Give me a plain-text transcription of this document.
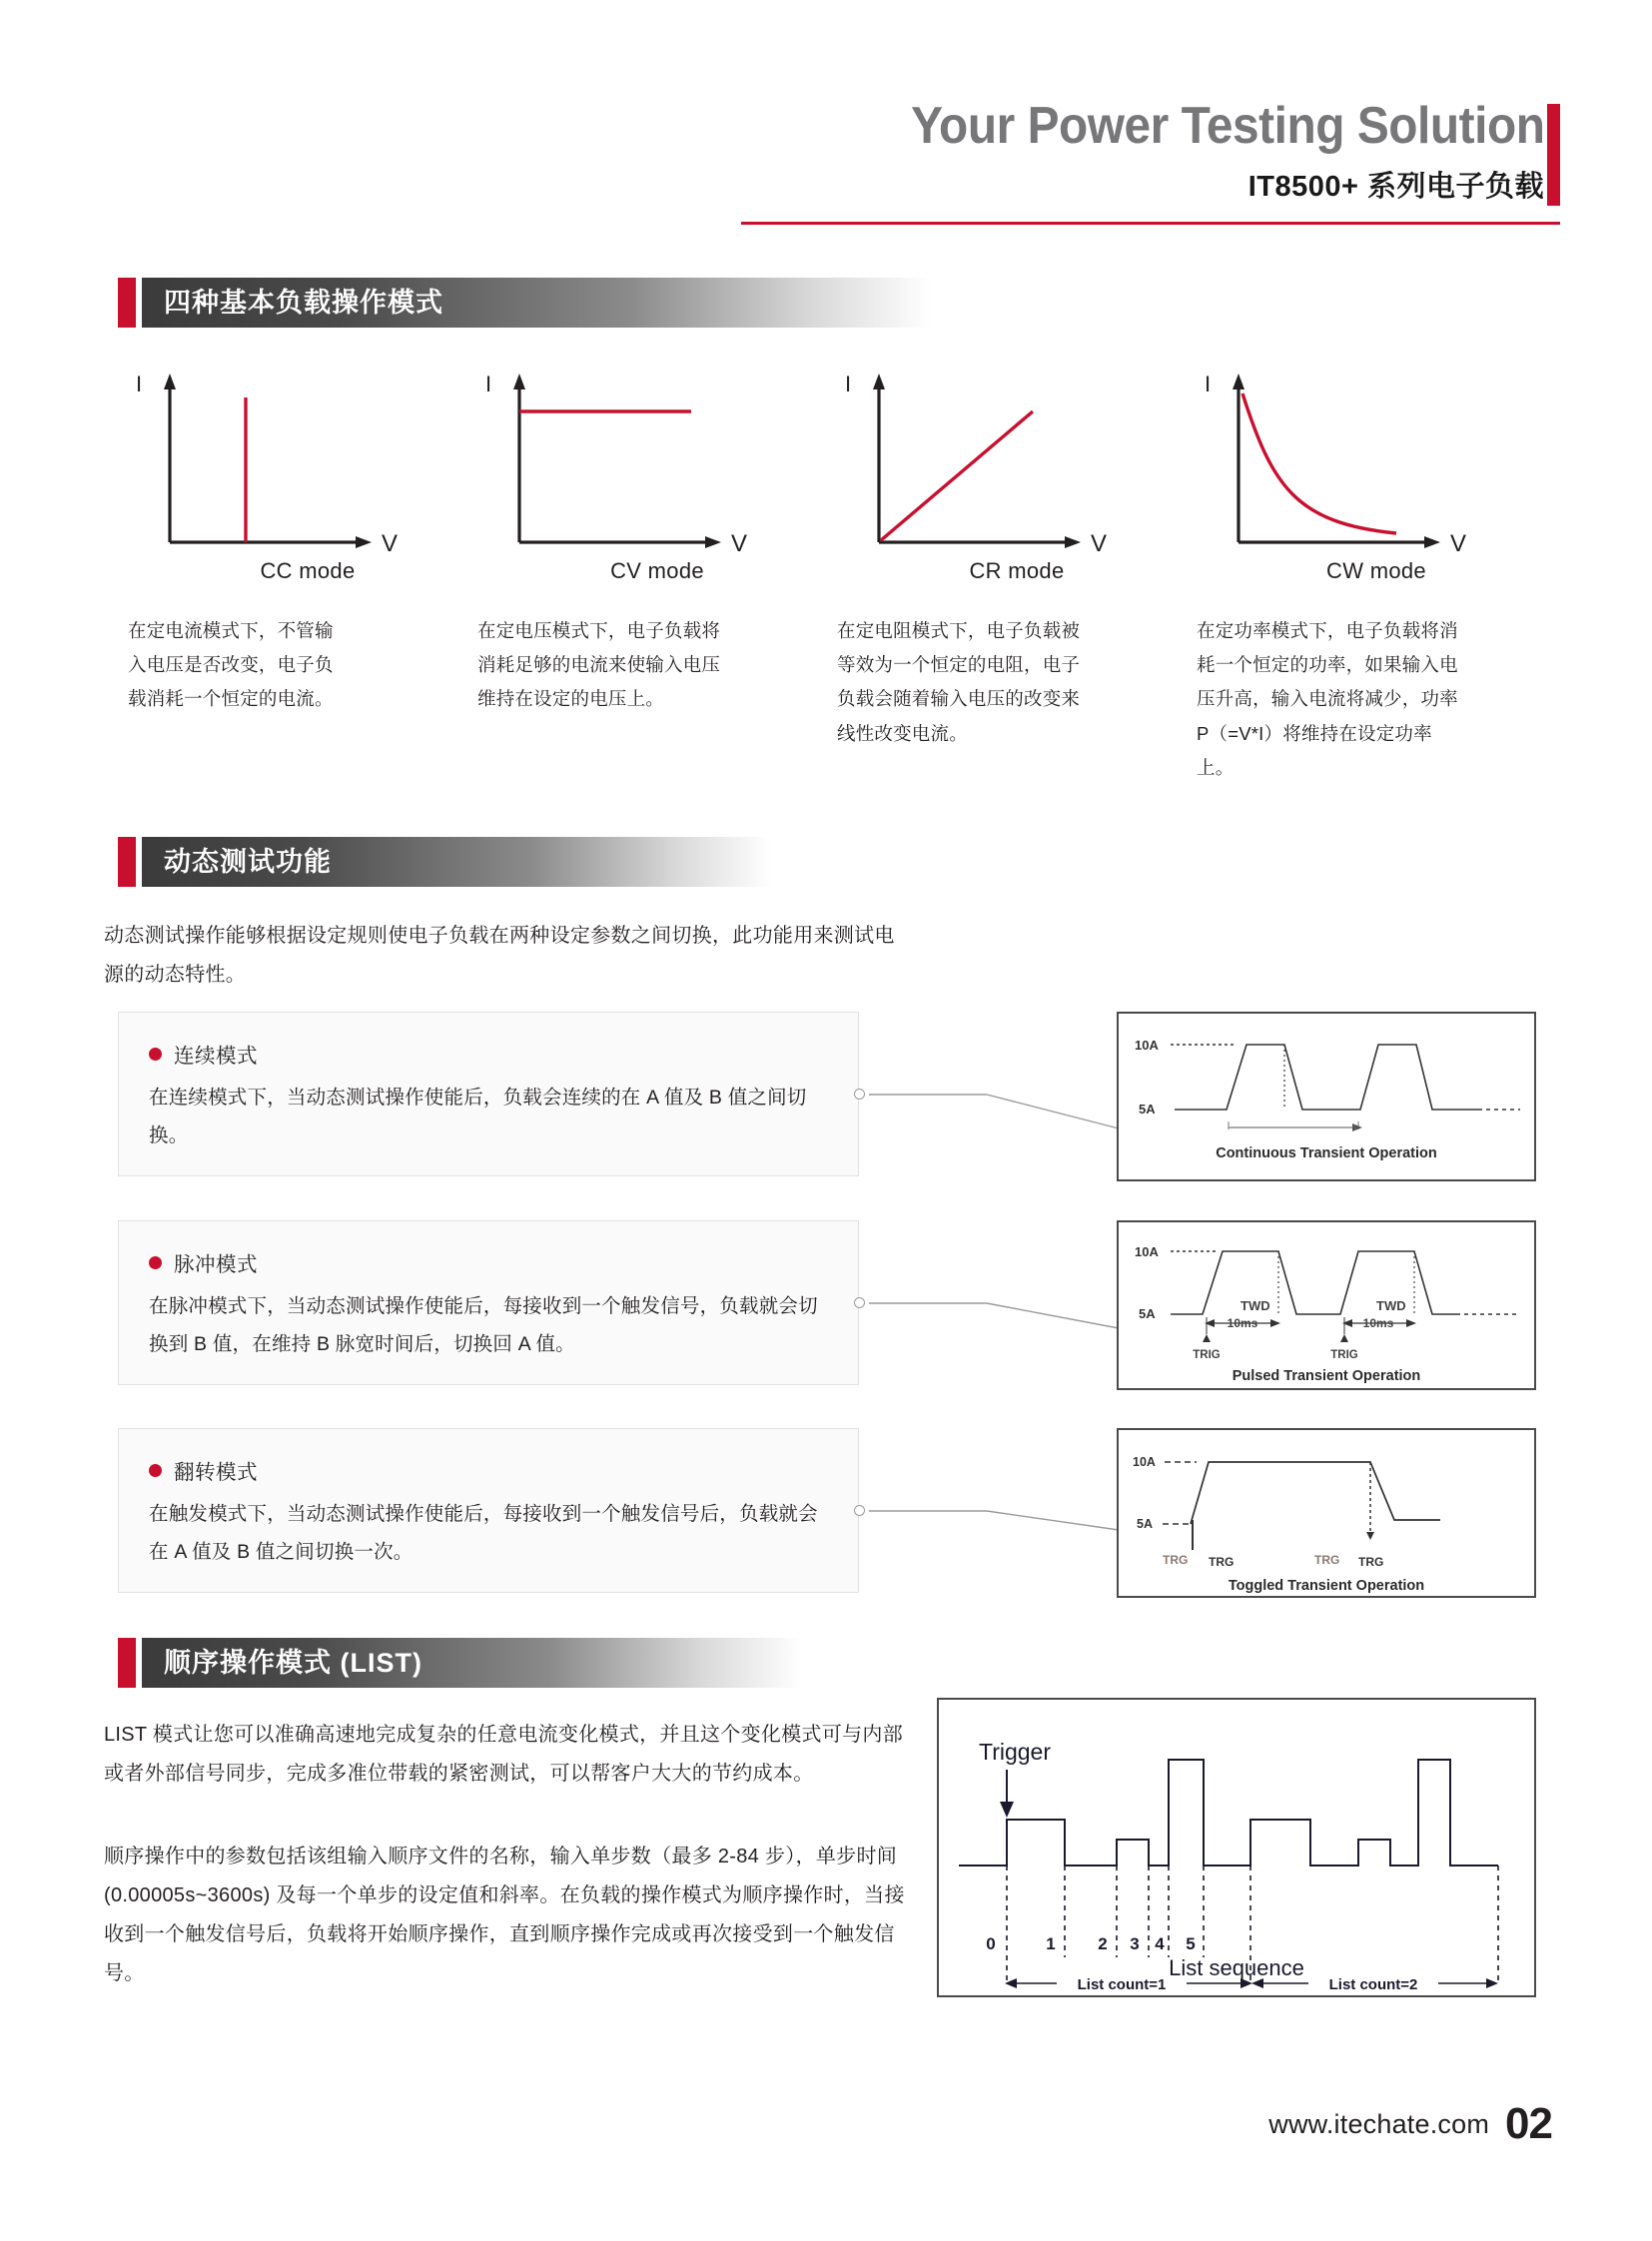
Your Power Testing Solution
IT8500+ 系列电子负载
四种基本负载操作模式
I
V
CC mode
在定电流模式下，不管输入电压是否改变，电子负载消耗一个恒定的电流。
I
V
CV mode
在定电压模式下，电子负载将消耗足够的电流来使输入电压维持在设定的电压上。
I
V
CR mode
在定电阻模式下，电子负载被等效为一个恒定的电阻，电子负载会随着输入电压的改变来线性改变电流。
I
V
CW mode
在定功率模式下，电子负载将消耗一个恒定的功率，如果输入电压升高，输入电流将减少，功率 P（=V*I）将维持在设定功率上。
动态测试功能
动态测试操作能够根据设定规则使电子负载在两种设定参数之间切换，此功能用来测试电源的动态特性。
连续模式
在连续模式下，当动态测试操作使能后，负载会连续的在 A 值及 B 值之间切换。
脉冲模式
在脉冲模式下，当动态测试操作使能后，每接收到一个触发信号，负载就会切换到 B 值，在维持 B 脉宽时间后，切换回 A 值。
翻转模式
在触发模式下，当动态测试操作使能后，每接收到一个触发信号后，负载就会在 A 值及 B 值之间切换一次。
10A
5A
Continuous Transient Operation
10A
5A
TWD
10ms
TRIG
TWD
10ms
TRIG
Pulsed Transient Operation
10A
5A
TRG TRG	TRG TRG
Toggled Transient Operation
顺序操作模式 (LIST)
LIST 模式让您可以准确高速地完成复杂的任意电流变化模式，并且这个变化模式可与内部或者外部信号同步，完成多准位带载的紧密测试，可以帮客户大大的节约成本。
顺序操作中的参数包括该组输入顺序文件的名称，输入单步数（最多 2-84 步），单步时间 (0.00005s~3600s) 及每一个单步的设定值和斜率。在负载的操作模式为顺序操作时，当接收到一个触发信号后，负载将开始顺序操作，直到顺序操作完成或再次接受到一个触发信号。
Trigger
0	1	2 3 4 5
List count=1	List count=2
List sequence
www.itechate.com 02
